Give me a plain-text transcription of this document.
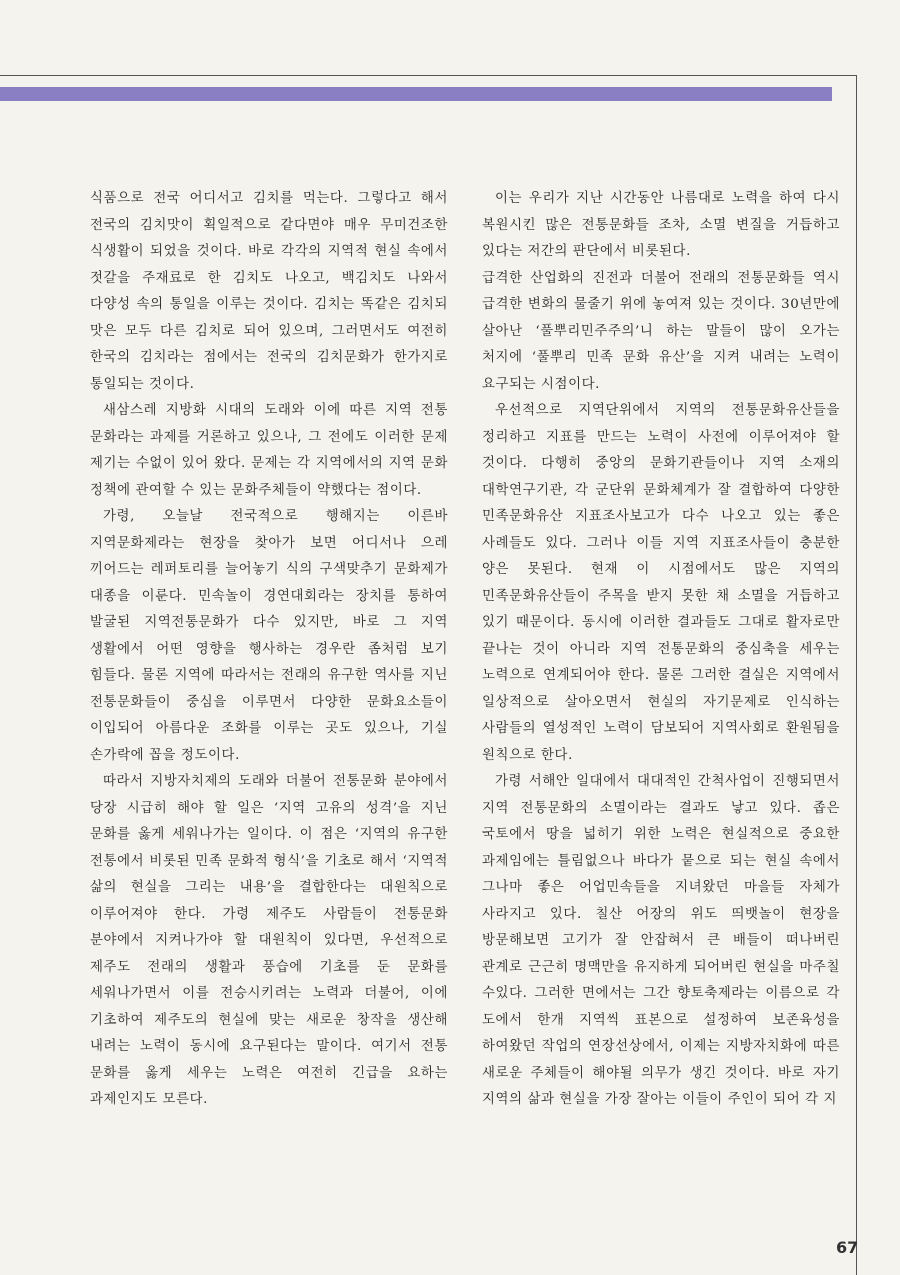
식품으로 전국 어디서고 김치를 먹는다. 그렇다고 해서 전국의 김치맛이 획일적으로 같다면야 매우 무미건조한 식생활이 되었을 것이다. 바로 각각의 지역적 현실 속에서 젓갈을 주재료로 한 김치도 나오고, 백김치도 나와서 다양성 속의 통일을 이루는 것이다. 김치는 똑같은 김치되 맛은 모두 다른 김치로 되어 있으며, 그러면서도 여전히 한국의 김치라는 점에서는 전국의 김치문화가 한가지로 통일되는 것이다.

새삼스레 지방화 시대의 도래와 이에 따른 지역 전통 문화라는 과제를 거론하고 있으나, 그 전에도 이러한 문제 제기는 수없이 있어 왔다. 문제는 각 지역에서의 지역 문화 정책에 관여할 수 있는 문화주체들이 약했다는 점이다.

가령, 오늘날 전국적으로 행해지는 이른바 지역문화제라는 현장을 찾아가 보면 어디서나 으레 끼어드는 레퍼토리를 늘어놓기 식의 구색맞추기 문화제가 대종을 이룬다. 민속놀이 경연대회라는 장치를 통하여 발굴된 지역전통문화가 다수 있지만, 바로 그 지역 생활에서 어떤 영향을 행사하는 경우란 좀처럼 보기 힘들다. 물론 지역에 따라서는 전래의 유구한 역사를 지닌 전통문화들이 중심을 이루면서 다양한 문화요소들이 이입되어 아름다운 조화를 이루는 곳도 있으나, 기실 손가락에 꼽을 정도이다.

따라서 지방자치제의 도래와 더불어 전통문화 분야에서 당장 시급히 해야 할 일은 ‘지역 고유의 성격’을 지닌 문화를 옳게 세워나가는 일이다. 이 점은 ‘지역의 유구한 전통에서 비롯된 민족 문화적 형식’을 기초로 해서 ‘지역적 삶의 현실을 그리는 내용’을 결합한다는 대원칙으로 이루어져야 한다. 가령 제주도 사람들이 전통문화 분야에서 지켜나가야 할 대원칙이 있다면, 우선적으로 제주도 전래의 생활과 풍습에 기초를 둔 문화를 세워나가면서 이를 전승시키려는 노력과 더불어, 이에 기초하여 제주도의 현실에 맞는 새로운 창작을 생산해 내려는 노력이 동시에 요구된다는 말이다. 여기서 전통 문화를 옳게 세우는 노력은 여전히 긴급을 요하는 과제인지도 모른다.

이는 우리가 지난 시간동안 나름대로 노력을 하여 다시 복원시킨 많은 전통문화들 조차, 소멸 변질을 거듭하고 있다는 저간의 판단에서 비롯된다.

급격한 산업화의 진전과 더불어 전래의 전통문화들 역시 급격한 변화의 물줄기 위에 놓여져 있는 것이다. 30년만에 살아난 ‘풀뿌리민주주의’니 하는 말들이 많이 오가는 처지에 ‘풀뿌리 민족 문화 유산’을 지켜 내려는 노력이 요구되는 시점이다.

우선적으로 지역단위에서 지역의 전통문화유산들을 정리하고 지표를 만드는 노력이 사전에 이루어져야 할 것이다. 다행히 중앙의 문화기관들이나 지역 소재의 대학연구기관, 각 군단위 문화체계가 잘 결합하여 다양한 민족문화유산 지표조사보고가 다수 나오고 있는 좋은 사례들도 있다. 그러나 이들 지역 지표조사들이 충분한 양은 못된다. 현재 이 시점에서도 많은 지역의 민족문화유산들이 주목을 받지 못한 채 소멸을 거듭하고 있기 때문이다. 동시에 이러한 결과들도 그대로 활자로만 끝나는 것이 아니라 지역 전통문화의 중심축을 세우는 노력으로 연계되어야 한다. 물론 그러한 결실은 지역에서 일상적으로 살아오면서 현실의 자기문제로 인식하는 사람들의 열성적인 노력이 담보되어 지역사회로 환원됨을 원칙으로 한다.

가령 서해안 일대에서 대대적인 간척사업이 진행되면서 지역 전통문화의 소멸이라는 결과도 낳고 있다. 좁은 국토에서 땅을 넓히기 위한 노력은 현실적으로 중요한 과제임에는 틀림없으나 바다가 뭍으로 되는 현실 속에서 그나마 좋은 어업민속들을 지녀왔던 마을들 자체가 사라지고 있다. 칠산 어장의 위도 띄뱃놀이 현장을 방문해보면 고기가 잘 안잡혀서 큰 배들이 떠나버린 관계로 근근히 명맥만을 유지하게 되어버린 현실을 마주칠 수있다. 그러한 면에서는 그간 향토축제라는 이름으로 각 도에서 한개 지역씩 표본으로 설정하여 보존육성을 하여왔던 작업의 연장선상에서, 이제는 지방자치화에 따른 새로운 주체들이 해야될 의무가 생긴 것이다. 바로 자기 지역의 삶과 현실을 가장 잘아는 이들이 주인이 되어 각 지

67
